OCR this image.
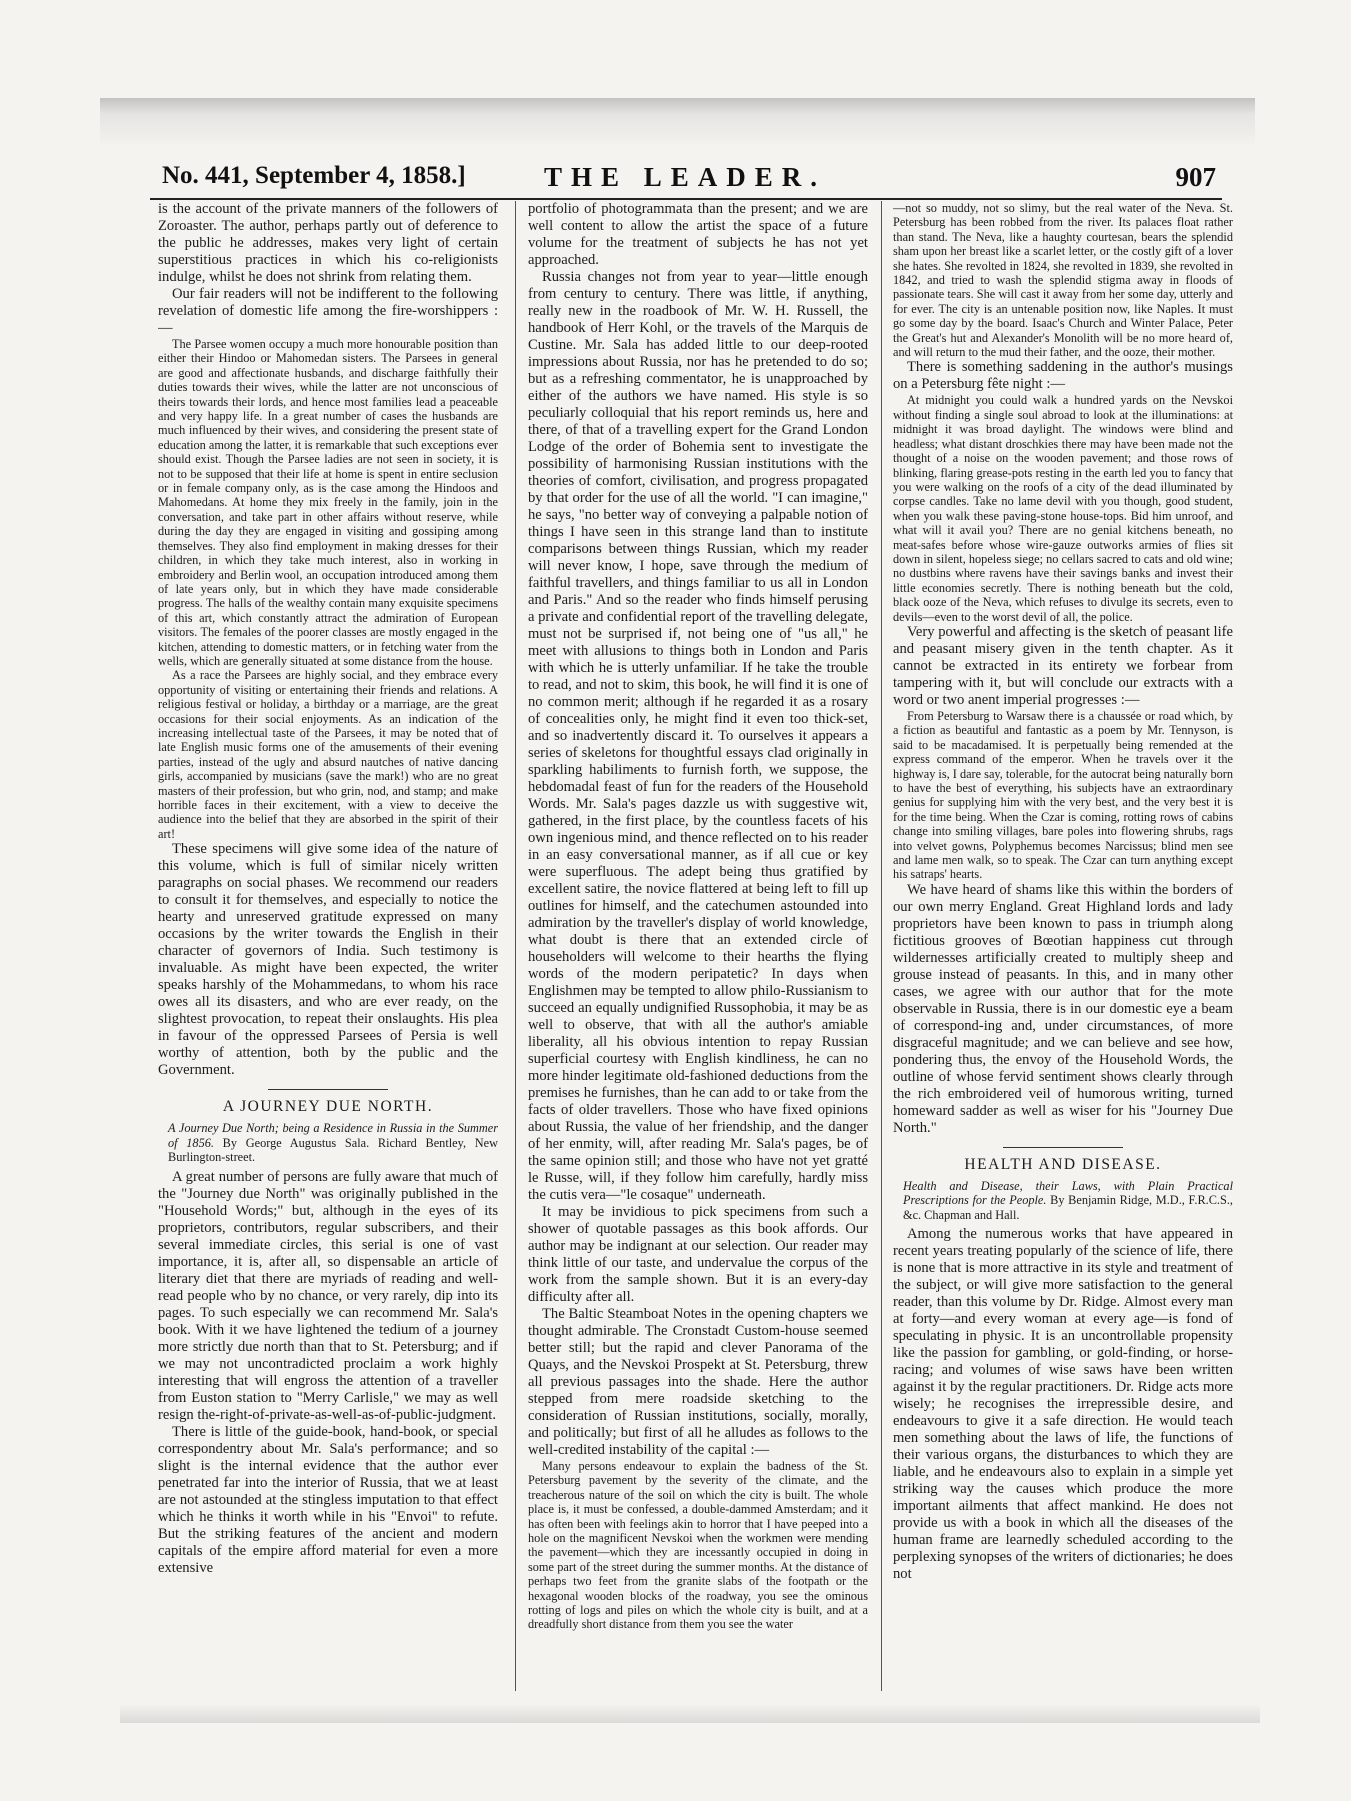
No. 441, September 4, 1858.]	THE LEADER.	907

is the account of the private manners of the followers of Zoroaster. The author, perhaps partly out of deference to the public he addresses, makes very light of certain superstitious practices in which his co-religionists indulge, whilst he does not shrink from relating them.

Our fair readers will not be indifferent to the following revelation of domestic life among the fire-worshippers :—

The Parsee women occupy a much more honourable position than either their Hindoo or Mahomedan sisters. The Parsees in general are good and affectionate husbands, and discharge faithfully their duties towards their wives, while the latter are not unconscious of theirs towards their lords, and hence most families lead a peaceable and very happy life. In a great number of cases the husbands are much influenced by their wives, and considering the present state of education among the latter, it is remarkable that such exceptions ever should exist. Though the Parsee ladies are not seen in society, it is not to be supposed that their life at home is spent in entire seclusion or in female company only, as is the case among the Hindoos and Mahomedans. At home they mix freely in the family, join in the conversation, and take part in other affairs without reserve, while during the day they are engaged in visiting and gossiping among themselves. They also find employment in making dresses for their children, in which they take much interest, also in working in embroidery and Berlin wool, an occupation introduced among them of late years only, but in which they have made considerable progress. The halls of the wealthy contain many exquisite specimens of this art, which constantly attract the admiration of European visitors. The females of the poorer classes are mostly engaged in the kitchen, attending to domestic matters, or in fetching water from the wells, which are generally situated at some distance from the house.

As a race the Parsees are highly social, and they embrace every opportunity of visiting or entertaining their friends and relations. A religious festival or holiday, a birthday or a marriage, are the great occasions for their social enjoyments. As an indication of the increasing intellectual taste of the Parsees, it may be noted that of late English music forms one of the amusements of their evening parties, instead of the ugly and absurd nautches of native dancing girls, accompanied by musicians (save the mark!) who are no great masters of their profession, but who grin, nod, and stamp; and make horrible faces in their excitement, with a view to deceive the audience into the belief that they are absorbed in the spirit of their art!

These specimens will give some idea of the nature of this volume, which is full of similar nicely written paragraphs on social phases. We recommend our readers to consult it for themselves, and especially to notice the hearty and unreserved gratitude expressed on many occasions by the writer towards the English in their character of governors of India. Such testimony is invaluable. As might have been expected, the writer speaks harshly of the Mohammedans, to whom his race owes all its disasters, and who are ever ready, on the slightest provocation, to repeat their onslaughts. His plea in favour of the oppressed Parsees of Persia is well worthy of attention, both by the public and the Government.

A JOURNEY DUE NORTH.

A Journey Due North; being a Residence in Russia in the Summer of 1856. By George Augustus Sala. Richard Bentley, New Burlington-street.

A great number of persons are fully aware that much of the "Journey due North" was originally published in the "Household Words;" but, although in the eyes of its proprietors, contributors, regular subscribers, and their several immediate circles, this serial is one of vast importance, it is, after all, so dispensable an article of literary diet that there are myriads of reading and well-read people who by no chance, or very rarely, dip into its pages. To such especially we can recommend Mr. Sala's book. With it we have lightened the tedium of a journey more strictly due north than that to St. Petersburg; and if we may not uncontradicted proclaim a work highly interesting that will engross the attention of a traveller from Euston station to "Merry Carlisle," we may as well resign the-right-of-private-as-well-as-of-public-judgment.

There is little of the guide-book, hand-book, or special correspondentry about Mr. Sala's performance; and so slight is the internal evidence that the author ever penetrated far into the interior of Russia, that we at least are not astounded at the stingless imputation to that effect which he thinks it worth while in his "Envoi" to refute. But the striking features of the ancient and modern capitals of the empire afford material for even a more extensive

portfolio of photogrammata than the present; and we are well content to allow the artist the space of a future volume for the treatment of subjects he has not yet approached.

Russia changes not from year to year—little enough from century to century. There was little, if anything, really new in the roadbook of Mr. W. H. Russell, the handbook of Herr Kohl, or the travels of the Marquis de Custine. Mr. Sala has added little to our deep-rooted impressions about Russia, nor has he pretended to do so; but as a refreshing commentator, he is unapproached by either of the authors we have named. His style is so peculiarly colloquial that his report reminds us, here and there, of that of a travelling expert for the Grand London Lodge of the order of Bohemia sent to investigate the possibility of harmonising Russian institutions with the theories of comfort, civilisation, and progress propagated by that order for the use of all the world. "I can imagine," he says, "no better way of conveying a palpable notion of things I have seen in this strange land than to institute comparisons between things Russian, which my reader will never know, I hope, save through the medium of faithful travellers, and things familiar to us all in London and Paris." And so the reader who finds himself perusing a private and confidential report of the travelling delegate, must not be surprised if, not being one of "us all," he meet with allusions to things both in London and Paris with which he is utterly unfamiliar. If he take the trouble to read, and not to skim, this book, he will find it is one of no common merit; although if he regarded it as a rosary of concealities only, he might find it even too thick-set, and so inadvertently discard it. To ourselves it appears a series of skeletons for thoughtful essays clad originally in sparkling habiliments to furnish forth, we suppose, the hebdomadal feast of fun for the readers of the Household Words. Mr. Sala's pages dazzle us with suggestive wit, gathered, in the first place, by the countless facets of his own ingenious mind, and thence reflected on to his reader in an easy conversational manner, as if all cue or key were superfluous. The adept being thus gratified by excellent satire, the novice flattered at being left to fill up outlines for himself, and the catechumen astounded into admiration by the traveller's display of world knowledge, what doubt is there that an extended circle of householders will welcome to their hearths the flying words of the modern peripatetic? In days when Englishmen may be tempted to allow philo-Russianism to succeed an equally undignified Russophobia, it may be as well to observe, that with all the author's amiable liberality, all his obvious intention to repay Russian superficial courtesy with English kindliness, he can no more hinder legitimate old-fashioned deductions from the premises he furnishes, than he can add to or take from the facts of older travellers. Those who have fixed opinions about Russia, the value of her friendship, and the danger of her enmity, will, after reading Mr. Sala's pages, be of the same opinion still; and those who have not yet gratté le Russe, will, if they follow him carefully, hardly miss the cutis vera—"le cosaque" underneath.

It may be invidious to pick specimens from such a shower of quotable passages as this book affords. Our author may be indignant at our selection. Our reader may think little of our taste, and undervalue the corpus of the work from the sample shown. But it is an every-day difficulty after all.

The Baltic Steamboat Notes in the opening chapters we thought admirable. The Cronstadt Custom-house seemed better still; but the rapid and clever Panorama of the Quays, and the Nevskoi Prospekt at St. Petersburg, threw all previous passages into the shade. Here the author stepped from mere roadside sketching to the consideration of Russian institutions, socially, morally, and politically; but first of all he alludes as follows to the well-credited instability of the capital :—

Many persons endeavour to explain the badness of the St. Petersburg pavement by the severity of the climate, and the treacherous nature of the soil on which the city is built. The whole place is, it must be confessed, a double-dammed Amsterdam; and it has often been with feelings akin to horror that I have peeped into a hole on the magnificent Nevskoi when the workmen were mending the pavement—which they are incessantly occupied in doing in some part of the street during the summer months. At the distance of perhaps two feet from the granite slabs of the footpath or the hexagonal wooden blocks of the roadway, you see the ominous rotting of logs and piles on which the whole city is built, and at a dreadfully short distance from them you see the water

—not so muddy, not so slimy, but the real water of the Neva. St. Petersburg has been robbed from the river. Its palaces float rather than stand. The Neva, like a haughty courtesan, bears the splendid sham upon her breast like a scarlet letter, or the costly gift of a lover she hates. She revolted in 1824, she revolted in 1839, she revolted in 1842, and tried to wash the splendid stigma away in floods of passionate tears. She will cast it away from her some day, utterly and for ever. The city is an untenable position now, like Naples. It must go some day by the board. Isaac's Church and Winter Palace, Peter the Great's hut and Alexander's Monolith will be no more heard of, and will return to the mud their father, and the ooze, their mother.

There is something saddening in the author's musings on a Petersburg fête night :—

At midnight you could walk a hundred yards on the Nevskoi without finding a single soul abroad to look at the illuminations: at midnight it was broad daylight. The windows were blind and headless; what distant droschkies there may have been made not the thought of a noise on the wooden pavement; and those rows of blinking, flaring grease-pots resting in the earth led you to fancy that you were walking on the roofs of a city of the dead illuminated by corpse candles. Take no lame devil with you though, good student, when you walk these paving-stone house-tops. Bid him unroof, and what will it avail you? There are no genial kitchens beneath, no meat-safes before whose wire-gauze outworks armies of flies sit down in silent, hopeless siege; no cellars sacred to cats and old wine; no dustbins where ravens have their savings banks and invest their little economies secretly. There is nothing beneath but the cold, black ooze of the Neva, which refuses to divulge its secrets, even to devils—even to the worst devil of all, the police.

Very powerful and affecting is the sketch of peasant life and peasant misery given in the tenth chapter. As it cannot be extracted in its entirety we forbear from tampering with it, but will conclude our extracts with a word or two anent imperial progresses :—

From Petersburg to Warsaw there is a chaussée or road which, by a fiction as beautiful and fantastic as a poem by Mr. Tennyson, is said to be macadamised. It is perpetually being remended at the express command of the emperor. When he travels over it the highway is, I dare say, tolerable, for the autocrat being naturally born to have the best of everything, his subjects have an extraordinary genius for supplying him with the very best, and the very best it is for the time being. When the Czar is coming, rotting rows of cabins change into smiling villages, bare poles into flowering shrubs, rags into velvet gowns, Polyphemus becomes Narcissus; blind men see and lame men walk, so to speak. The Czar can turn anything except his satraps' hearts.

We have heard of shams like this within the borders of our own merry England. Great Highland lords and lady proprietors have been known to pass in triumph along fictitious grooves of Bœotian happiness cut through wildernesses artificially created to multiply sheep and grouse instead of peasants. In this, and in many other cases, we agree with our author that for the mote observable in Russia, there is in our domestic eye a beam of correspond-ing and, under circumstances, of more disgraceful magnitude; and we can believe and see how, pondering thus, the envoy of the Household Words, the outline of whose fervid sentiment shows clearly through the rich embroidered veil of humorous writing, turned homeward sadder as well as wiser for his "Journey Due North."

HEALTH AND DISEASE.

Health and Disease, their Laws, with Plain Practical Prescriptions for the People. By Benjamin Ridge, M.D., F.R.C.S., &c. Chapman and Hall.

Among the numerous works that have appeared in recent years treating popularly of the science of life, there is none that is more attractive in its style and treatment of the subject, or will give more satisfaction to the general reader, than this volume by Dr. Ridge. Almost every man at forty—and every woman at every age—is fond of speculating in physic. It is an uncontrollable propensity like the passion for gambling, or gold-finding, or horse-racing; and volumes of wise saws have been written against it by the regular practitioners. Dr. Ridge acts more wisely; he recognises the irrepressible desire, and endeavours to give it a safe direction. He would teach men something about the laws of life, the functions of their various organs, the disturbances to which they are liable, and he endeavours also to explain in a simple yet striking way the causes which produce the more important ailments that affect mankind. He does not provide us with a book in which all the diseases of the human frame are learnedly scheduled according to the perplexing synopses of the writers of dictionaries; he does not
